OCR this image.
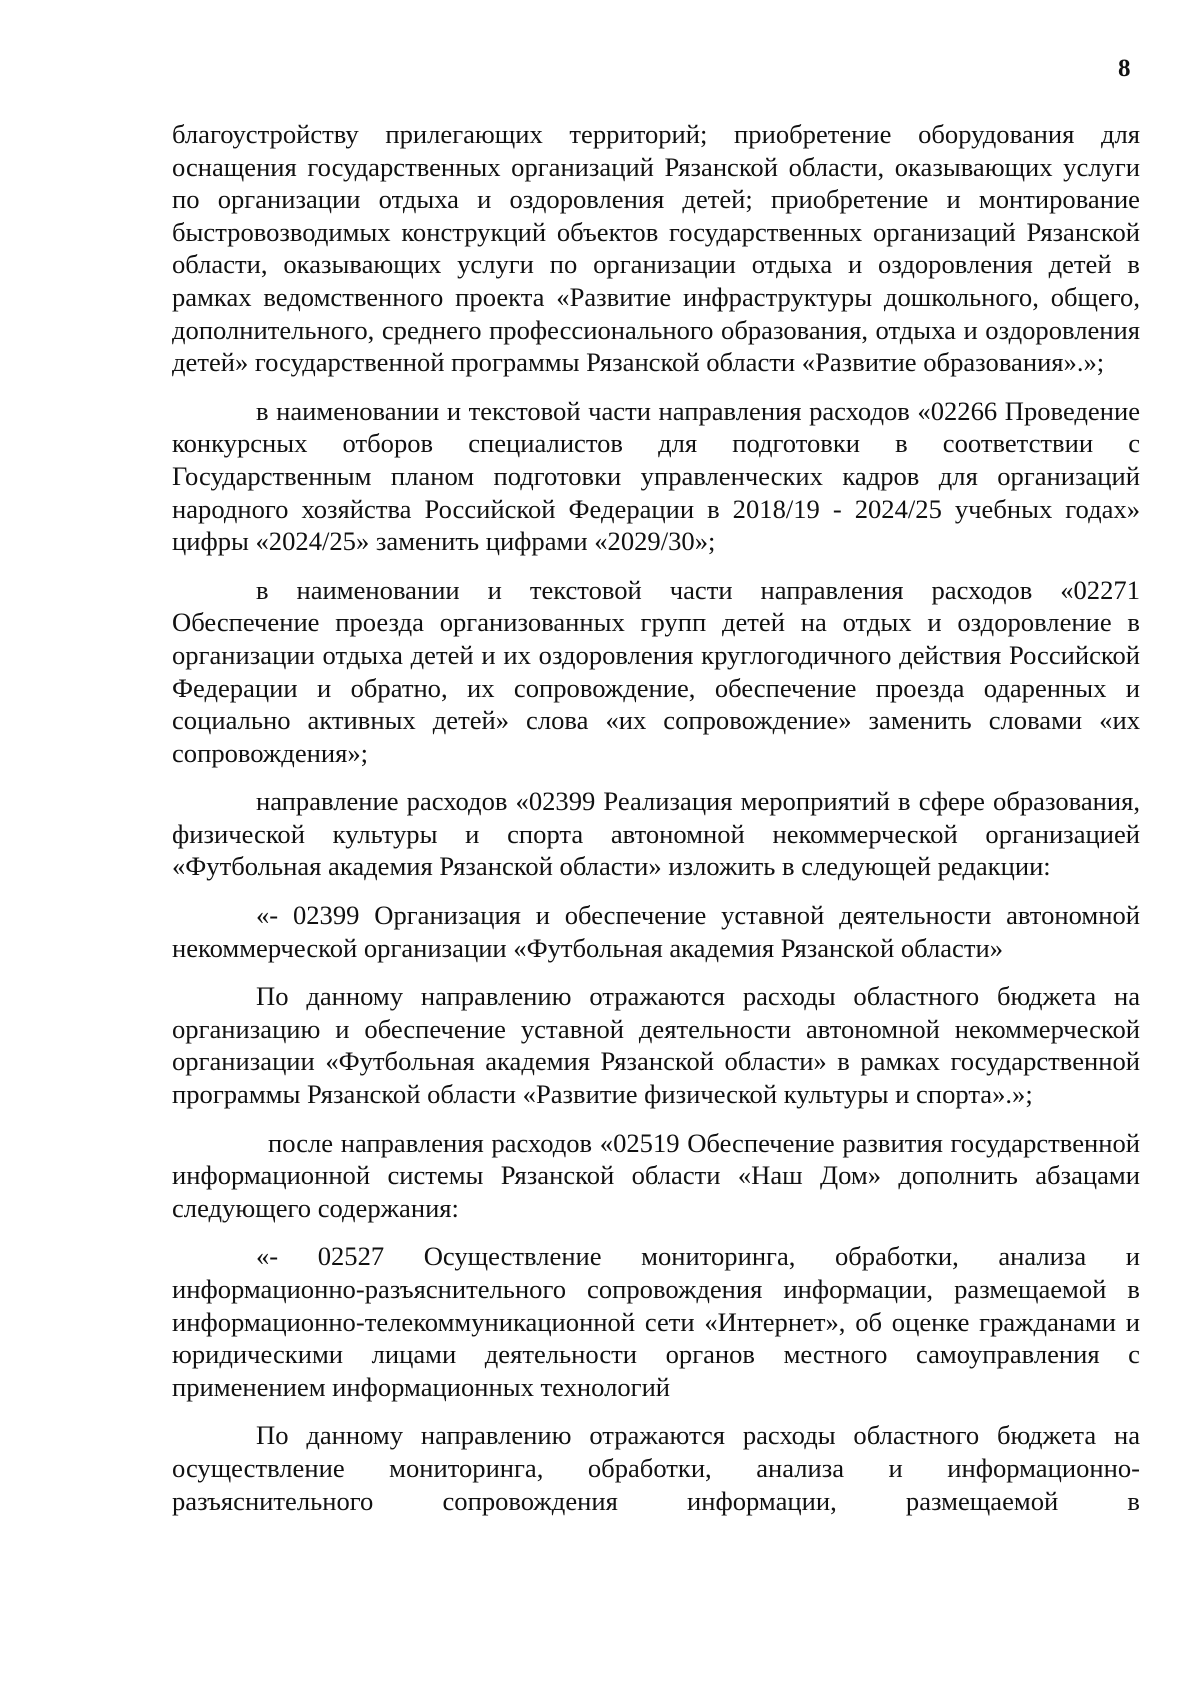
8

благоустройству прилегающих территорий; приобретение оборудования для оснащения государственных организаций Рязанской области, оказывающих услуги по организации отдыха и оздоровления детей; приобретение и монтирование быстровозводимых конструкций объектов государственных организаций Рязанской области, оказывающих услуги по организации отдыха и оздоровления детей в рамках ведомственного проекта «Развитие инфраструктуры дошкольного, общего, дополнительного, среднего профессионального образования, отдыха и оздоровления детей» государственной программы Рязанской области «Развитие образования».»;

в наименовании и текстовой части направления расходов «02266 Проведение конкурсных отборов специалистов для подготовки в соответствии с Государственным планом подготовки управленческих кадров для организаций народного хозяйства Российской Федерации в 2018/19 - 2024/25 учебных годах» цифры «2024/25» заменить цифрами «2029/30»;

в наименовании и текстовой части направления расходов «02271 Обеспечение проезда организованных групп детей на отдых и оздоровление в организации отдыха детей и их оздоровления круглогодичного действия Российской Федерации и обратно, их сопровождение, обеспечение проезда одаренных и социально активных детей» слова «их сопровождение» заменить словами «их сопровождения»;

направление расходов «02399 Реализация мероприятий в сфере образования, физической культуры и спорта автономной некоммерческой организацией «Футбольная академия Рязанской области» изложить в следующей редакции:

«- 02399 Организация и обеспечение уставной деятельности автономной некоммерческой организации «Футбольная академия Рязанской области»

По данному направлению отражаются расходы областного бюджета на организацию и обеспечение уставной деятельности автономной некоммерческой организации «Футбольная академия Рязанской области» в рамках государственной программы Рязанской области «Развитие физической культуры и спорта».»;

после направления расходов «02519 Обеспечение развития государственной информационной системы Рязанской области «Наш Дом» дополнить абзацами следующего содержания:

«- 02527 Осуществление мониторинга, обработки, анализа и информационно-разъяснительного сопровождения информации, размещаемой в информационно-телекоммуникационной сети «Интернет», об оценке гражданами и юридическими лицами деятельности органов местного самоуправления с применением информационных технологий

По данному направлению отражаются расходы областного бюджета на осуществление мониторинга, обработки, анализа и информационно-разъяснительного сопровождения информации, размещаемой в
